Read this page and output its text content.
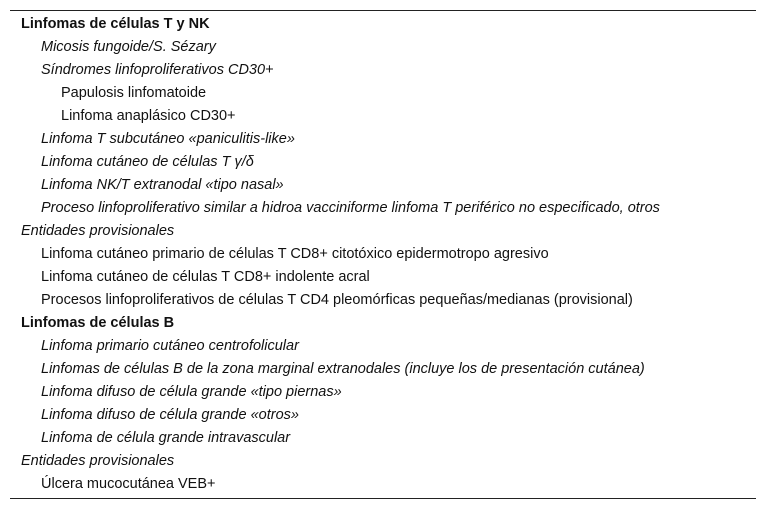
Linfomas de células T y NK
Micosis fungoide/S. Sézary
Síndromes linfoproliferativos CD30+
Papulosis linfomatoide
Linfoma anaplásico CD30+
Linfoma T subcutáneo «paniculitis-like»
Linfoma cutáneo de células T γ/δ
Linfoma NK/T extranodal «tipo nasal»
Proceso linfoproliferativo similar a hidroa vacciniforme linfoma T periférico no especificado, otros
Entidades provisionales
Linfoma cutáneo primario de células T CD8+ citotóxico epidermotropo agresivo
Linfoma cutáneo de células T CD8+ indolente acral
Procesos linfoproliferativos de células T CD4 pleomórficas pequeñas/medianas (provisional)
Linfomas de células B
Linfoma primario cutáneo centrofolicular
Linfomas de células B de la zona marginal extranodales (incluye los de presentación cutánea)
Linfoma difuso de célula grande «tipo piernas»
Linfoma difuso de célula grande «otros»
Linfoma de célula grande intravascular
Entidades provisionales
Úlcera mucocutánea VEB+
